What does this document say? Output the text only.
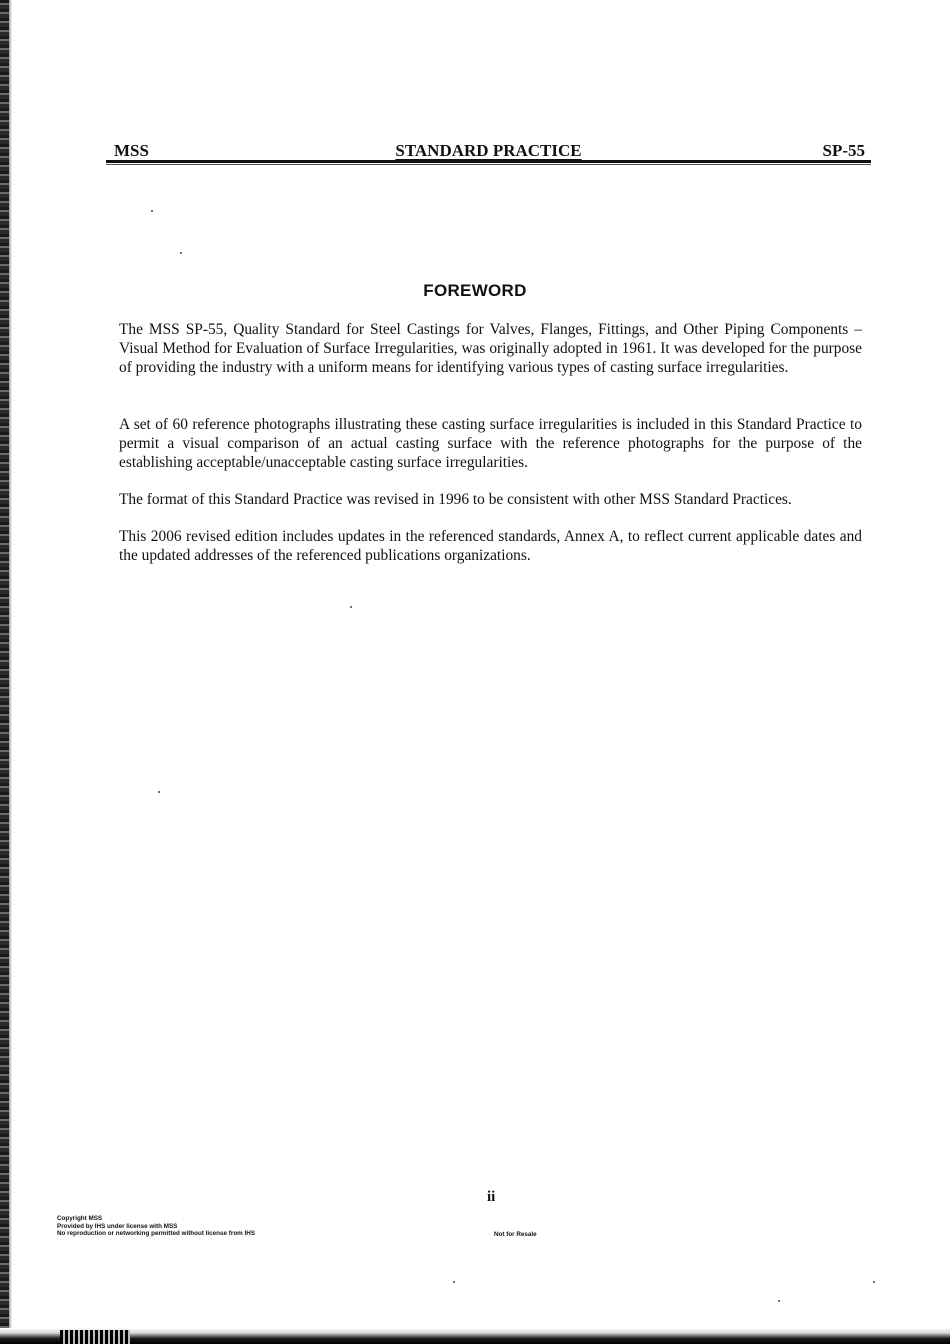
MSS	STANDARD PRACTICE	SP-55
FOREWORD

The MSS SP-55, Quality Standard for Steel Castings for Valves, Flanges, Fittings, and Other Piping Components – Visual Method for Evaluation of Surface Irregularities, was originally adopted in 1961. It was developed for the purpose of providing the industry with a uniform means for identifying various types of casting surface irregularities.

A set of 60 reference photographs illustrating these casting surface irregularities is included in this Standard Practice to permit a visual comparison of an actual casting surface with the reference photographs for the purpose of the establishing acceptable/unacceptable casting surface irregularities.

The format of this Standard Practice was revised in 1996 to be consistent with other MSS Standard Practices.

This 2006 revised edition includes updates in the referenced standards, Annex A, to reflect current applicable dates and the updated addresses of the referenced publications organizations.

ii
Copyright MSS
Provided by IHS under license with MSS
No reproduction or networking permitted without license from IHS	Not for Resale
